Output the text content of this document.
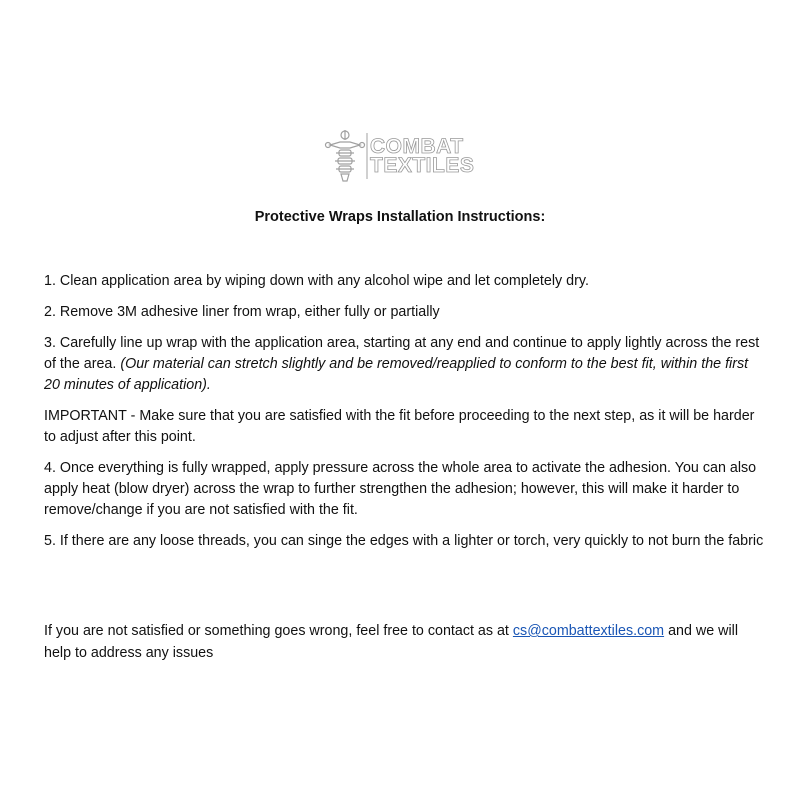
COMBAT
TEXTILES
Protective Wraps Installation Instructions:

1. Clean application area by wiping down with any alcohol wipe and let completely dry.

2. Remove 3M adhesive liner from wrap, either fully or partially

3. Carefully line up wrap with the application area, starting at any end and continue to apply lightly across the rest of the area. (Our material can stretch slightly and be removed/reapplied to conform to the best fit, within the first 20 minutes of application).

IMPORTANT - Make sure that you are satisfied with the fit before proceeding to the next step, as it will be harder to adjust after this point.

4. Once everything is fully wrapped, apply pressure across the whole area to activate the adhesion. You can also apply heat (blow dryer) across the wrap to further strengthen the adhesion; however, this will make it harder to remove/change if you are not satisfied with the fit.

5. If there are any loose threads, you can singe the edges with a lighter or torch, very quickly to not burn the fabric

If you are not satisfied or something goes wrong, feel free to contact as at cs@combattextiles.com and we will help to address any issues
